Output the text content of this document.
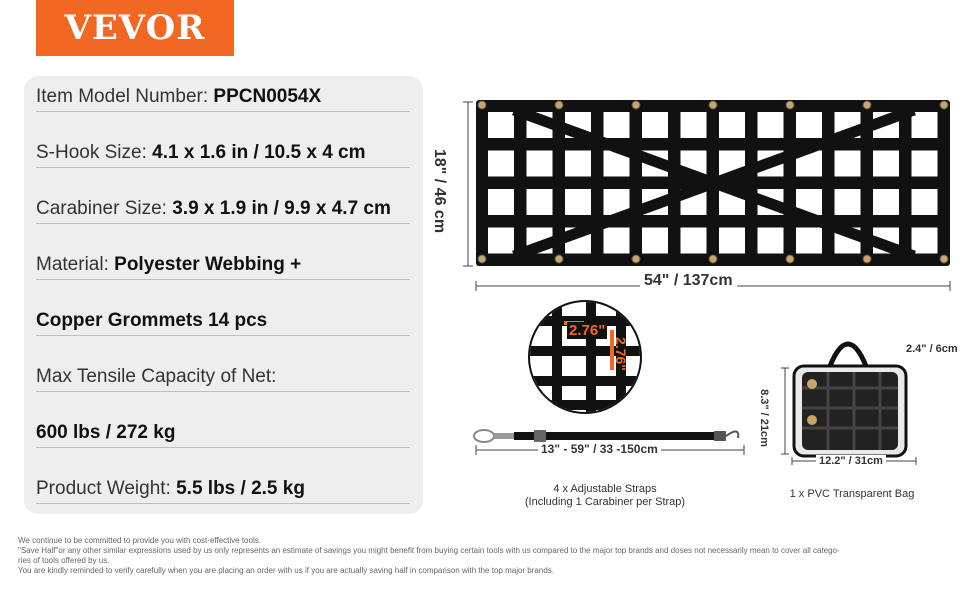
VEVOR
Item Model Number: PPCN0054X
S-Hook Size: 4.1 x 1.6 in / 10.5 x 4 cm
Carabiner Size: 3.9 x 1.9 in / 9.9 x 4.7 cm
Material: Polyester Webbing +
Copper Grommets 14 pcs
Max Tensile Capacity of Net:
600 lbs / 272 kg
Product Weight: 5.5 lbs / 2.5 kg
18" / 46 cm
54" / 137cm
2.76"
2.76"
13" - 59" / 33 -150cm
4 x Adjustable Straps
(Including 1 Carabiner per Strap)
2.4" / 6cm
8.3" / 21cm
12.2" / 31cm
1 x PVC Transparent Bag

We continue to be committed to provide you with cost-effective tools.

"Save Half"or any other similar expressions used by us only represents an estimate of savings you might benefit from buying certain tools with us compared to the major top brands and doses not necessarily mean to cover all catego-

ries of tools offered by us.

You are kindly reminded to verify carefully when you are placing an order with us if you are actually saving half in comparison with the top major brands.
